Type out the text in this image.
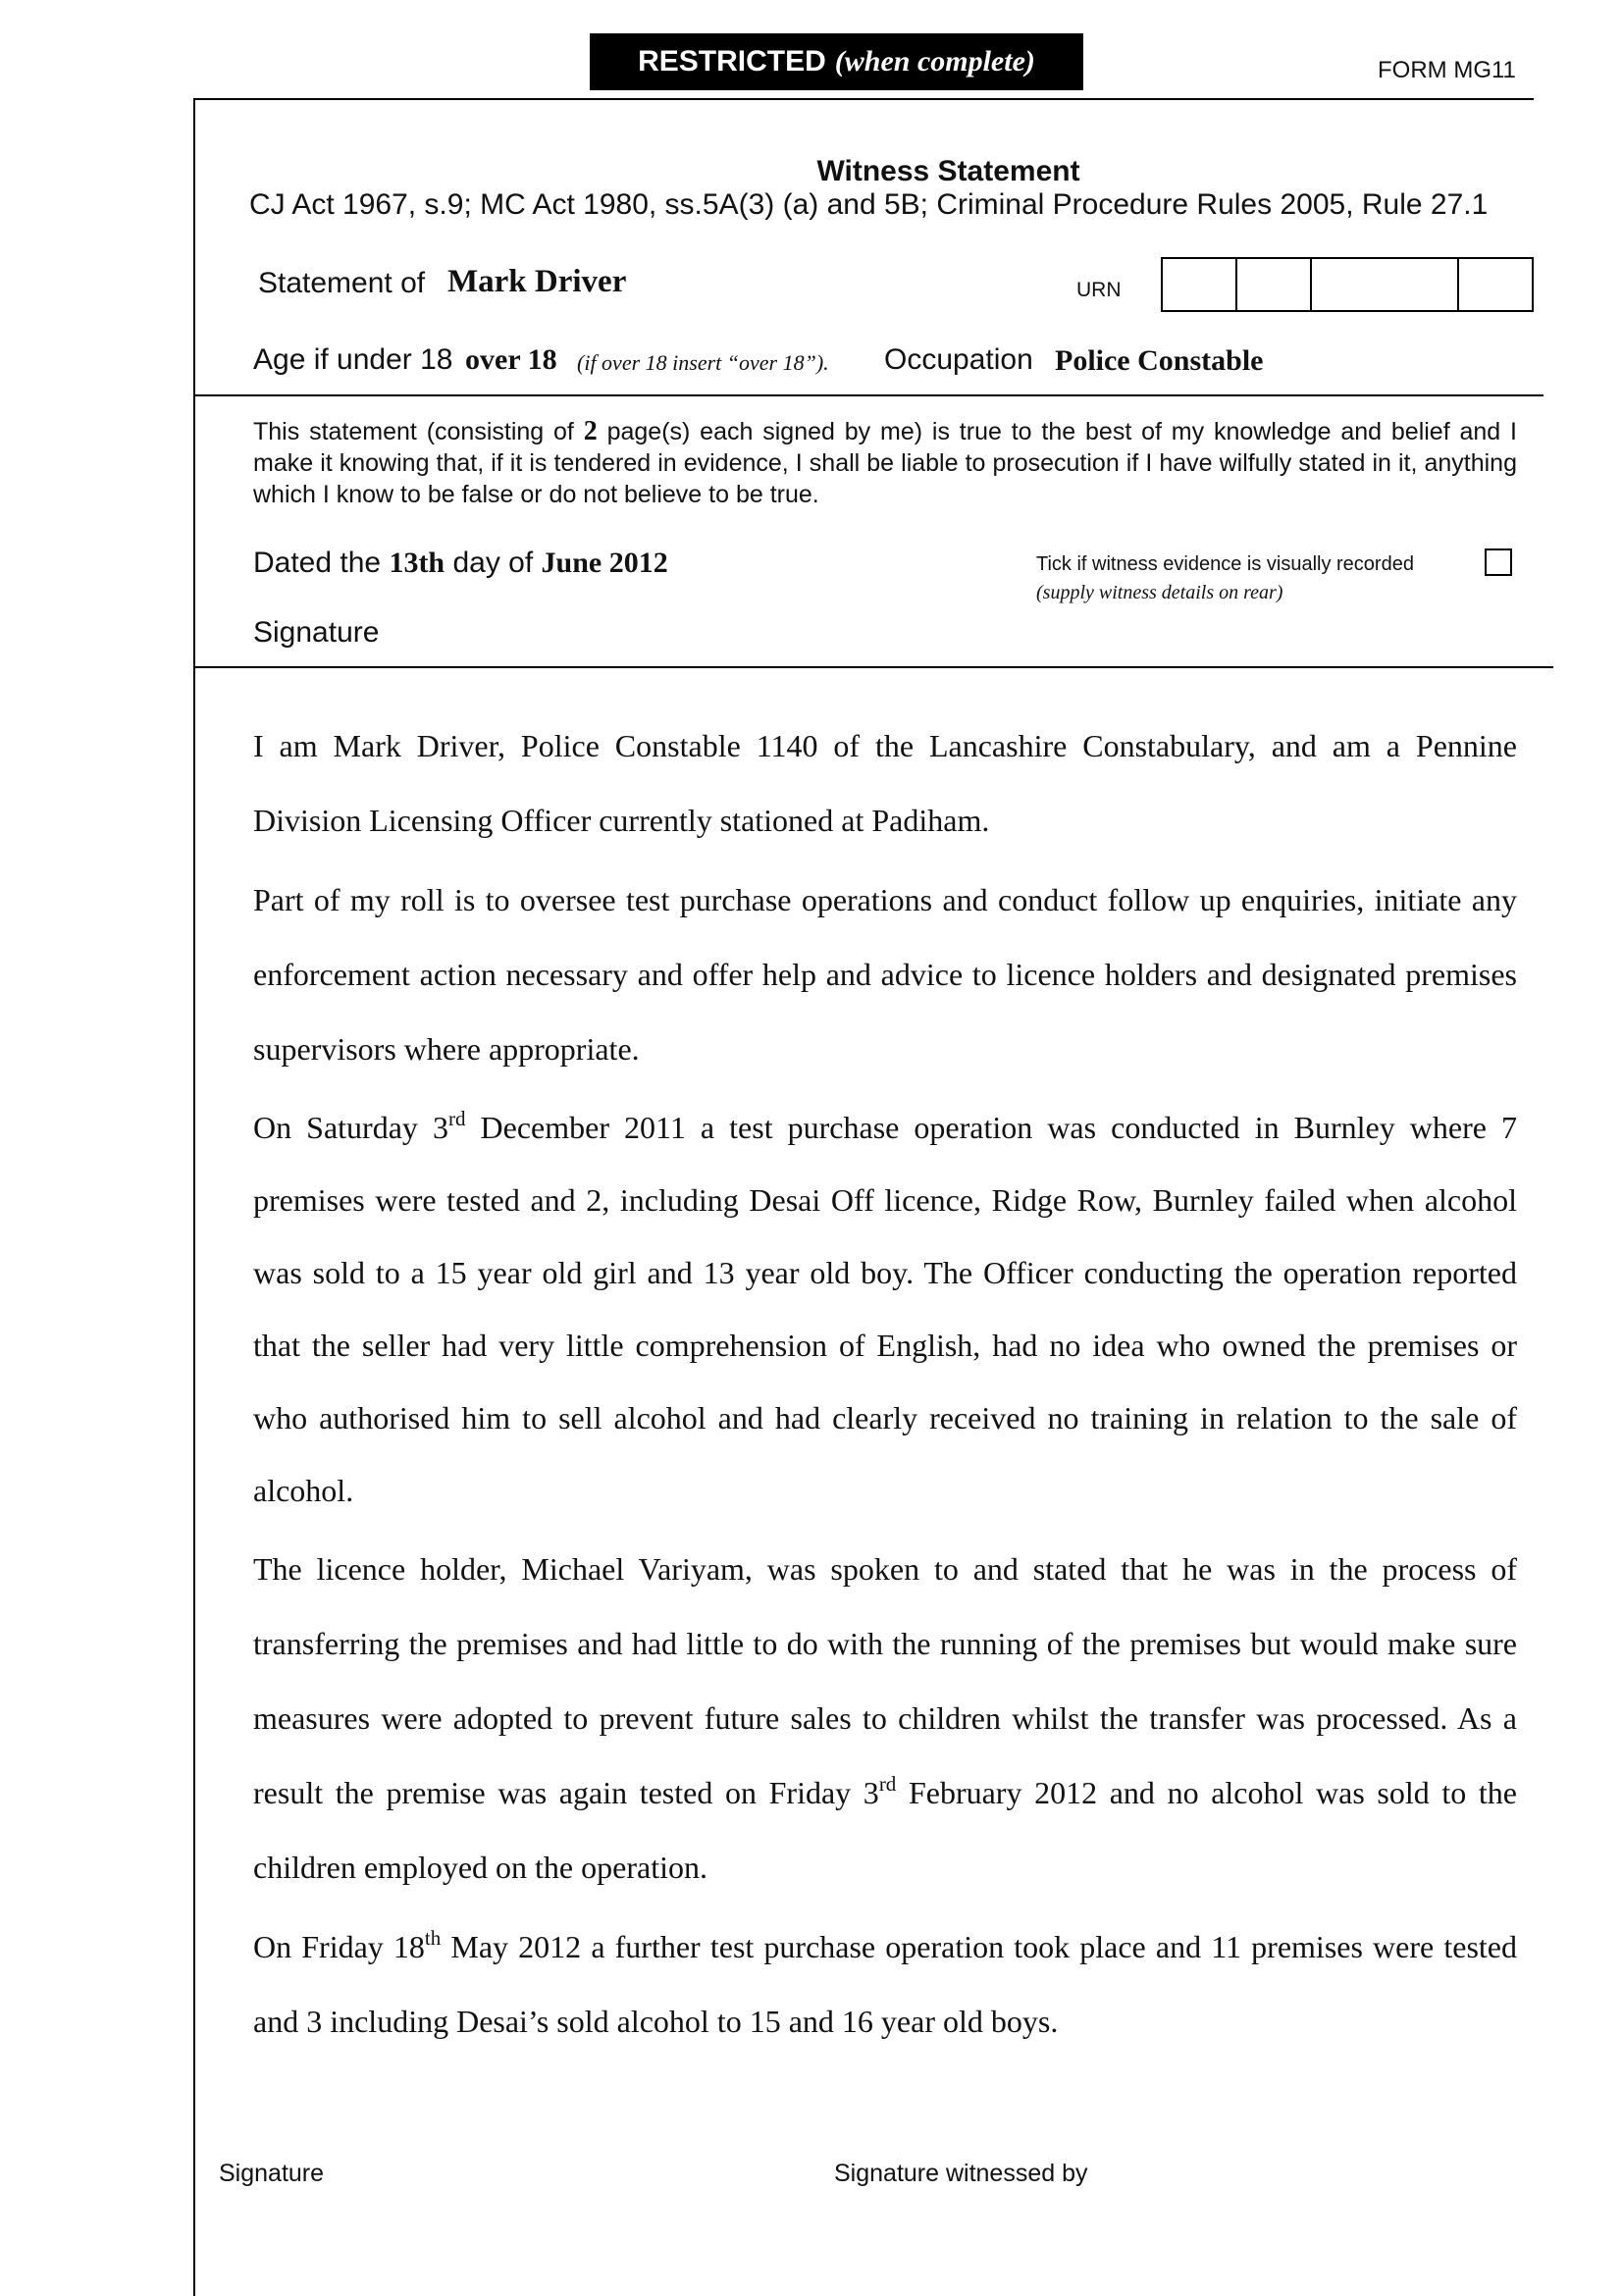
RESTRICTED (when complete)	FORM MG11
Witness Statement
CJ Act 1967, s.9; MC Act 1980, ss.5A(3) (a) and 5B; Criminal Procedure Rules 2005, Rule 27.1
Statement of Mark Driver	URN
Age if under 18 over 18 (if over 18 insert “over 18”). Occupation Police Constable
This statement (consisting of 2 page(s) each signed by me) is true to the best of my knowledge and belief and I make it knowing that, if it is tendered in evidence, I shall be liable to prosecution if I have wilfully stated in it, anything which I know to be false or do not believe to be true.
Dated the 13th day of June 2012	Tick if witness evidence is visually recorded
(supply witness details on rear)
Signature

I am Mark Driver, Police Constable 1140 of the Lancashire Constabulary, and am a Pennine Division Licensing Officer currently stationed at Padiham.

Part of my roll is to oversee test purchase operations and conduct follow up enquiries, initiate any enforcement action necessary and offer help and advice to licence holders and designated premises supervisors where appropriate.

On Saturday 3rd December 2011 a test purchase operation was conducted in Burnley where 7 premises were tested and 2, including Desai Off licence, Ridge Row, Burnley failed when alcohol was sold to a 15 year old girl and 13 year old boy. The Officer conducting the operation reported that the seller had very little comprehension of English, had no idea who owned the premises or who authorised him to sell alcohol and had clearly received no training in relation to the sale of alcohol.

The licence holder, Michael Variyam, was spoken to and stated that he was in the process of transferring the premises and had little to do with the running of the premises but would make sure measures were adopted to prevent future sales to children whilst the transfer was processed. As a result the premise was again tested on Friday 3rd February 2012 and no alcohol was sold to the children employed on the operation.

On Friday 18th May 2012 a further test purchase operation took place and 11 premises were tested and 3 including Desai’s sold alcohol to 15 and 16 year old boys.

Signature	Signature witnessed by
